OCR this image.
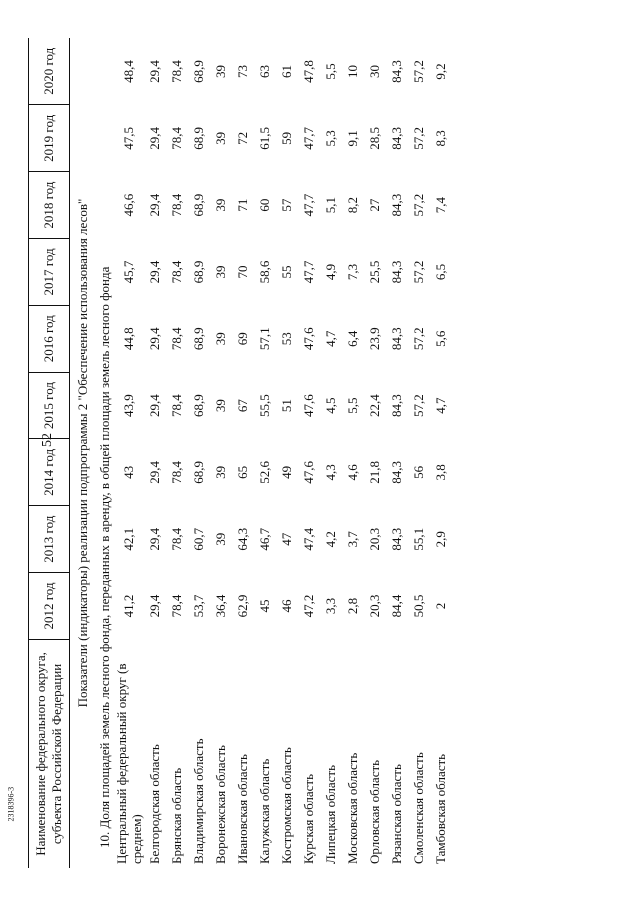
52
2318396-3 Наименование федерального округа, субъекта Российской Федерации	2012 год	2013 год	2014 год	2015 год	2016 год	2017 год	2018 год	2019 год	2020 год
Показатели (индикаторы) реализации подпрограммы 2 "Обеспечение использования лесов"									
10. Доля площадей земель лесного фонда, переданных в аренду, в общей площади земель лесного фонда									
Центральный федеральный округ (в среднем)	41,2	42,1	43	43,9	44,8	45,7	46,6	47,5	48,4
Белгородская область	29,4	29,4	29,4	29,4	29,4	29,4	29,4	29,4	29,4
Брянская область	78,4	78,4	78,4	78,4	78,4	78,4	78,4	78,4	78,4
Владимирская область	53,7	60,7	68,9	68,9	68,9	68,9	68,9	68,9	68,9
Воронежская область	36,4	39	39	39	39	39	39	39	39
Ивановская область	62,9	64,3	65	67	69	70	71	72	73
Калужская область	45	46,7	52,6	55,5	57,1	58,6	60	61,5	63
Костромская область	46	47	49	51	53	55	57	59	61
Курская область	47,2	47,4	47,6	47,6	47,6	47,7	47,7	47,7	47,8
Липецкая область	3,3	4,2	4,3	4,5	4,7	4,9	5,1	5,3	5,5
Московская область	2,8	3,7	4,6	5,5	6,4	7,3	8,2	9,1	10
Орловская область	20,3	20,3	21,8	22,4	23,9	25,5	27	28,5	30
Рязанская область	84,4	84,3	84,3	84,3	84,3	84,3	84,3	84,3	84,3
Смоленская область	50,5	55,1	56	57,2	57,2	57,2	57,2	57,2	57,2
Тамбовская область	2	2,9	3,8	4,7	5,6	6,5	7,4	8,3	9,2
